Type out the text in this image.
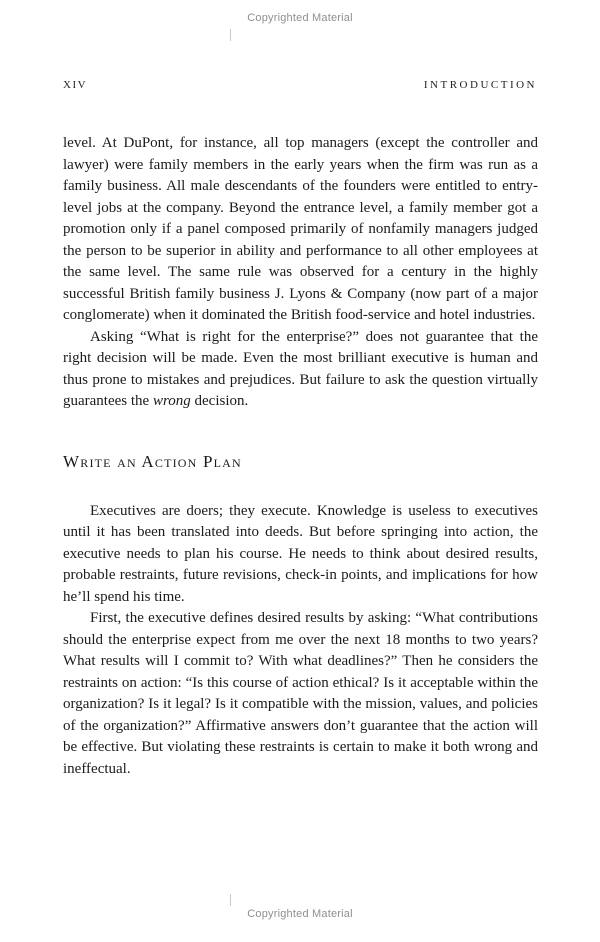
Copyrighted Material
XIV	INTRODUCTION

level. At DuPont, for instance, all top managers (except the controller and lawyer) were family members in the early years when the firm was run as a family business. All male descendants of the founders were entitled to entry-level jobs at the company. Beyond the entrance level, a family member got a promotion only if a panel composed primarily of nonfamily managers judged the person to be superior in ability and performance to all other employees at the same level. The same rule was observed for a century in the highly successful British family business J. Lyons & Company (now part of a major conglomerate) when it dominated the British food-service and hotel industries.

Asking “What is right for the enterprise?” does not guarantee that the right decision will be made. Even the most brilliant executive is human and thus prone to mistakes and prejudices. But failure to ask the question virtually guarantees the wrong decision.

Write an Action Plan

Executives are doers; they execute. Knowledge is useless to executives until it has been translated into deeds. But before springing into action, the executive needs to plan his course. He needs to think about desired results, probable restraints, future revisions, check-in points, and implications for how he’ll spend his time.

First, the executive defines desired results by asking: “What contributions should the enterprise expect from me over the next 18 months to two years? What results will I commit to? With what deadlines?” Then he considers the restraints on action: “Is this course of action ethical? Is it acceptable within the organization? Is it legal? Is it compatible with the mission, values, and policies of the organization?” Affirmative answers don’t guarantee that the action will be effective. But violating these restraints is certain to make it both wrong and ineffectual.

Copyrighted Material
